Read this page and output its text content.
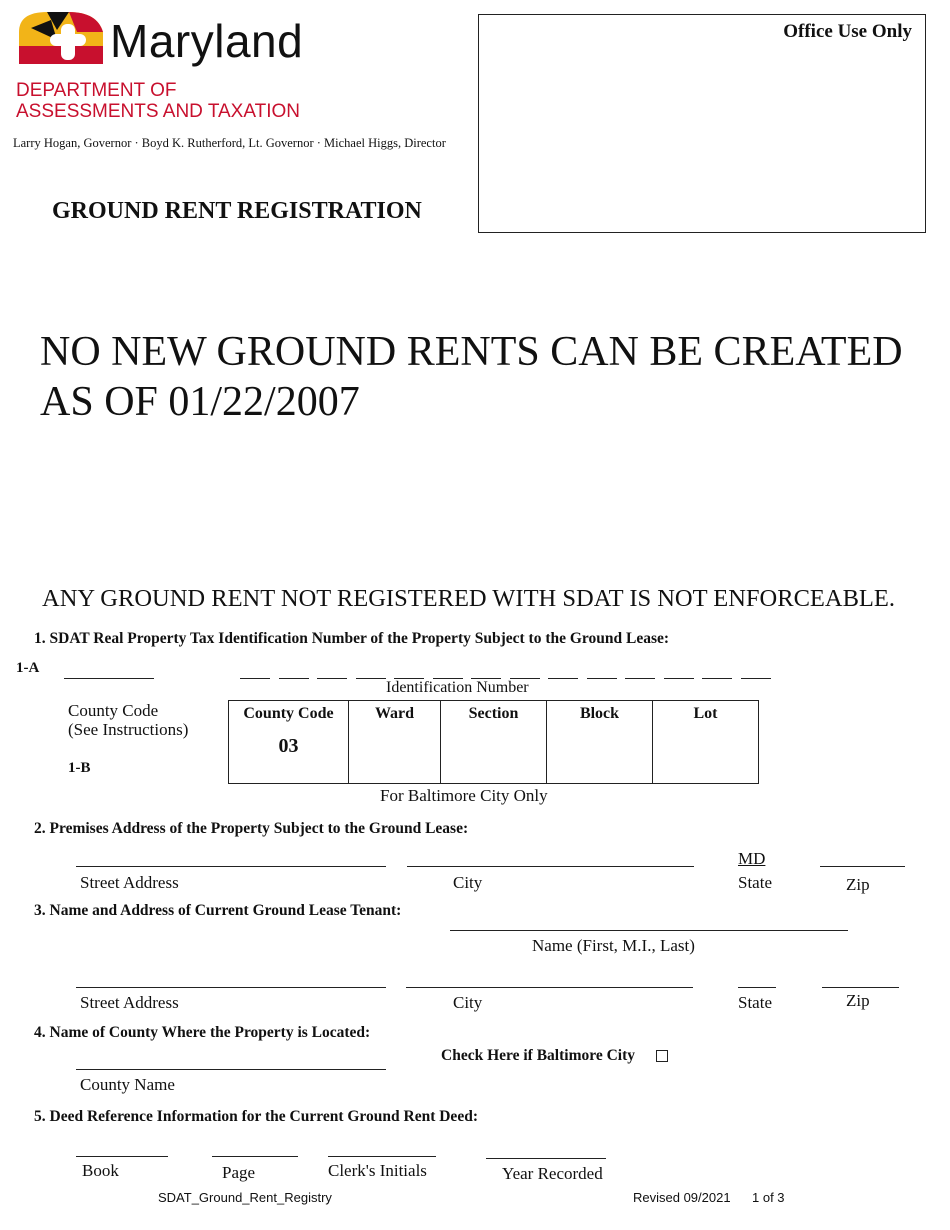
Maryland
DEPARTMENT OF
ASSESSMENTS AND TAXATION
Larry Hogan, Governor · Boyd K. Rutherford, Lt. Governor · Michael Higgs, Director
Office Use Only
GROUND RENT REGISTRATION
NO NEW GROUND RENTS CAN BE CREATED
AS OF 01/22/2007
ANY GROUND RENT NOT REGISTERED WITH SDAT IS NOT ENFORCEABLE.
1. SDAT Real Property Tax Identification Number of the Property Subject to the Ground Lease:
1-A
Identification Number
County Code
(See Instructions)
1-B
County Code
03

Ward	Section	Block	Lot
For Baltimore City Only
2. Premises Address of the Property Subject to the Ground Lease:
MD
Street Address	City	State	Zip
3. Name and Address of Current Ground Lease Tenant:
Name (First, M.I., Last)
Street Address	City	State	Zip
4. Name of County Where the Property is Located:
Check Here if Baltimore City
County Name
5. Deed Reference Information for the Current Ground Rent Deed:
Book	Page	Clerk's Initials	Year Recorded
SDAT_Ground_Rent_Registry	Revised 09/2021 1 of 3
